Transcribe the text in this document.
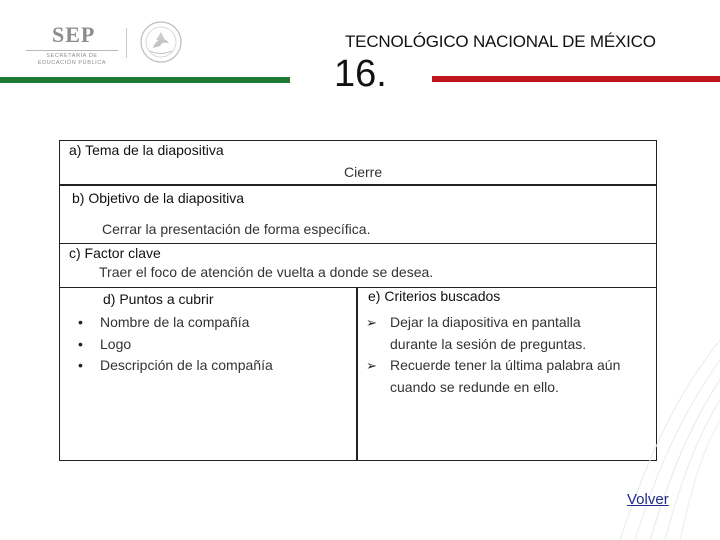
SEP
SECRETARÍA DE
EDUCACIÓN PÚBLICA
TECNOLÓGICO NACIONAL DE MÉXICO
16.
a) Tema de la diapositiva
Cierre
b) Objetivo de la diapositiva
Cerrar la presentación de forma específica.
c) Factor clave
Traer el foco de atención de vuelta a donde se desea.
d) Puntos a cubrir	e) Criterios buscados
• Nombre de la compañía
• Logo
• Descripción de la compañía
➢ Dejar la diapositiva en pantalla durante la sesión de preguntas.
➢ Recuerde tener la última palabra aún cuando se redunde en ello.
Volver
